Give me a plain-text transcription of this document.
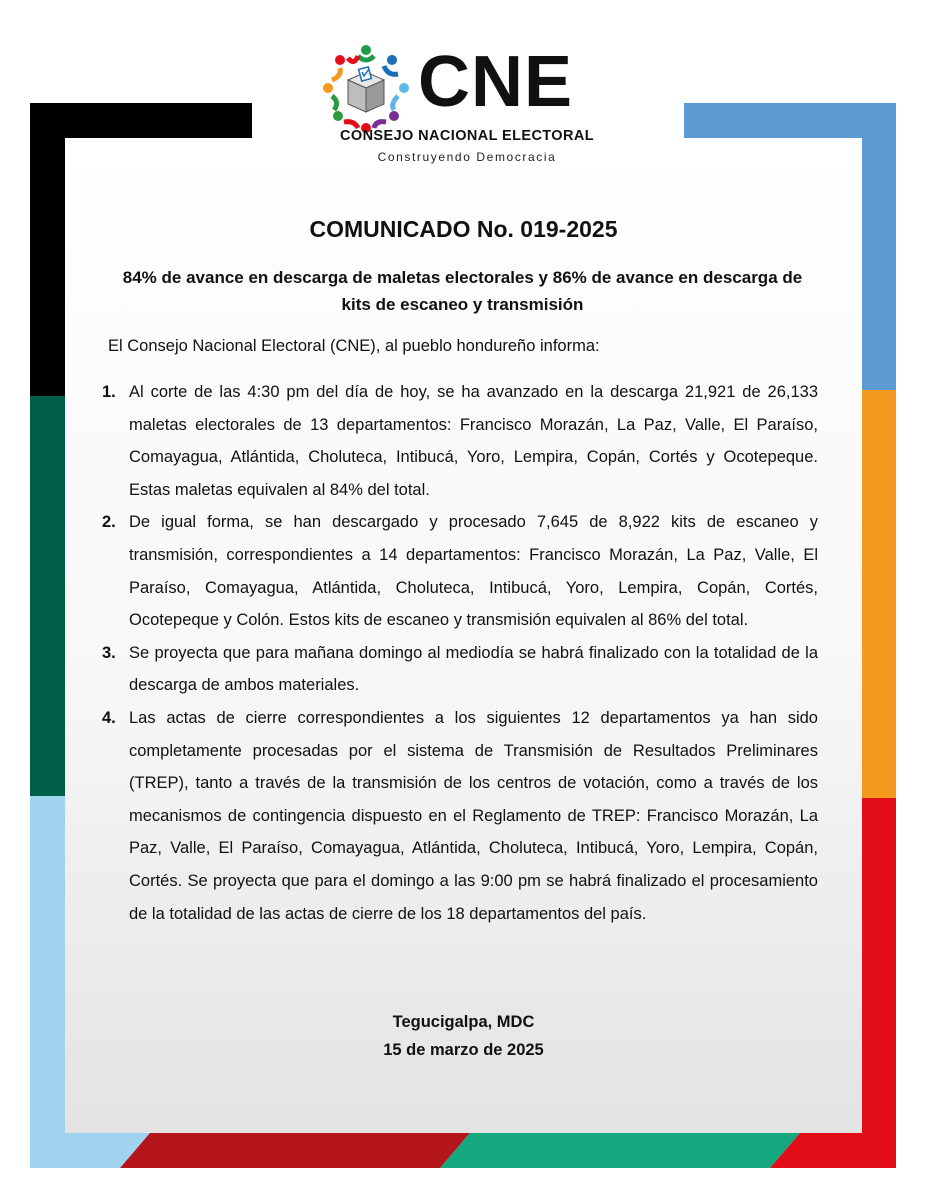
CNE
CONSEJO NACIONAL ELECTORAL
Construyendo Democracia
COMUNICADO No. 019-2025
84% de avance en descarga de maletas electorales y 86% de avance en descarga de kits de escaneo y transmisión
El Consejo Nacional Electoral (CNE), al pueblo hondureño informa:
1. Al corte de las 4:30 pm del día de hoy, se ha avanzado en la descarga 21,921 de 26,133 maletas electorales de 13 departamentos: Francisco Morazán, La Paz, Valle, El Paraíso, Comayagua, Atlántida, Choluteca, Intibucá, Yoro, Lempira, Copán, Cortés y Ocotepeque. Estas maletas equivalen al 84% del total.
2. De igual forma, se han descargado y procesado 7,645 de 8,922 kits de escaneo y transmisión, correspondientes a 14 departamentos: Francisco Morazán, La Paz, Valle, El Paraíso, Comayagua, Atlántida, Choluteca, Intibucá, Yoro, Lempira, Copán, Cortés, Ocotepeque y Colón. Estos kits de escaneo y transmisión equivalen al 86% del total.
3. Se proyecta que para mañana domingo al mediodía se habrá finalizado con la totalidad de la descarga de ambos materiales.
4. Las actas de cierre correspondientes a los siguientes 12 departamentos ya han sido completamente procesadas por el sistema de Transmisión de Resultados Preliminares (TREP), tanto a través de la transmisión de los centros de votación, como a través de los mecanismos de contingencia dispuesto en el Reglamento de TREP: Francisco Morazán, La Paz, Valle, El Paraíso, Comayagua, Atlántida, Choluteca, Intibucá, Yoro, Lempira, Copán, Cortés. Se proyecta que para el domingo a las 9:00 pm se habrá finalizado el procesamiento de la totalidad de las actas de cierre de los 18 departamentos del país.
Tegucigalpa, MDC
15 de marzo de 2025
